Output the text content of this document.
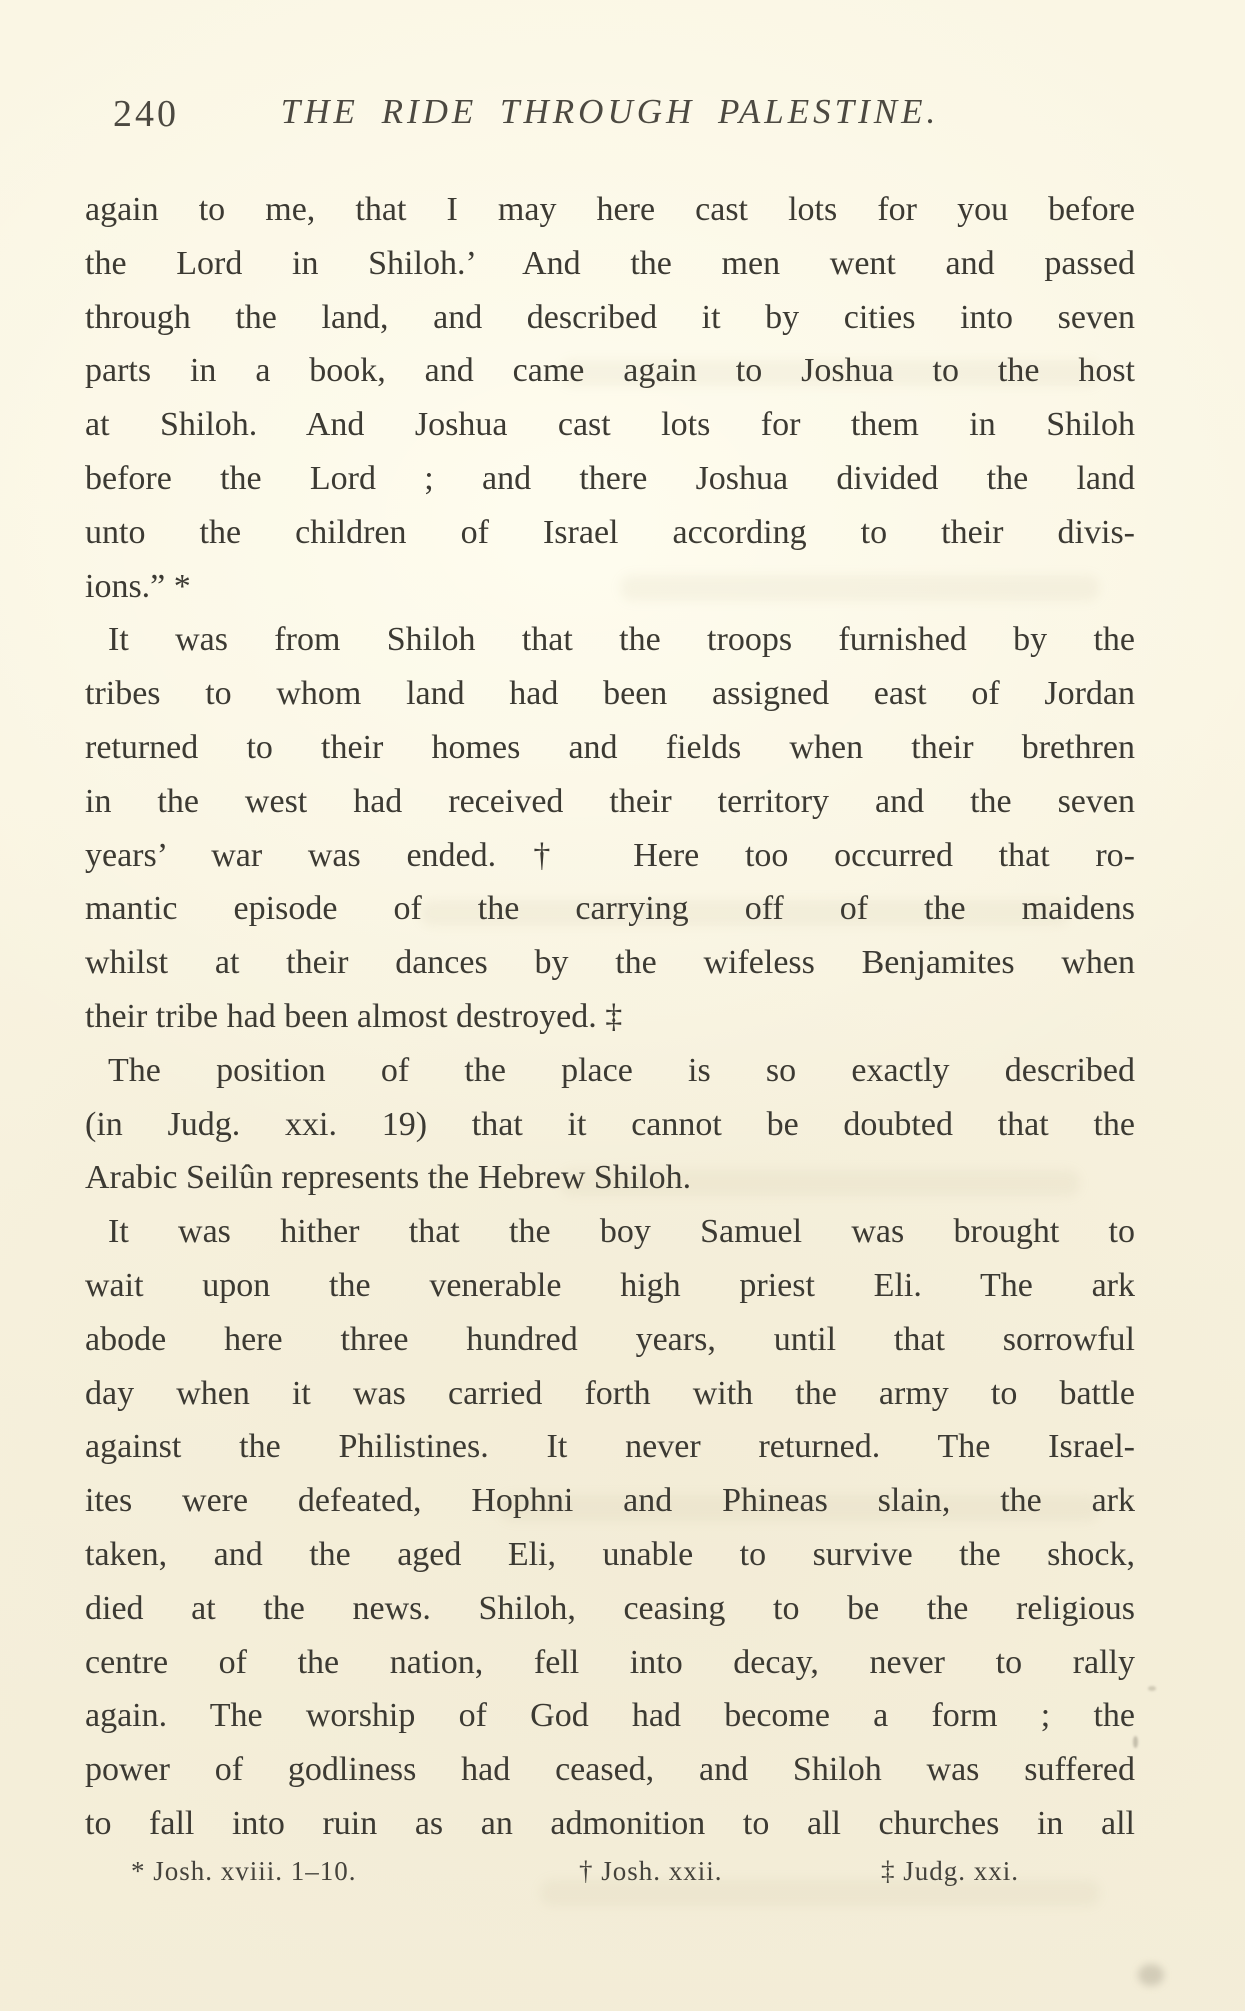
240	THE RIDE THROUGH PALESTINE.
again to me, that I may here cast lots for you before
the Lord in Shiloh.’ And the men went and passed
through the land, and described it by cities into seven
parts in a book, and came again to Joshua to the host
at Shiloh. And Joshua cast lots for them in Shiloh
before the Lord ; and there Joshua divided the land
unto the children of Israel according to their divis-
ions.” *
It was from Shiloh that the troops furnished by the
tribes to whom land had been assigned east of Jordan
returned to their homes and fields when their brethren
in the west had received their territory and the seven
years’ war was ended.† Here too occurred that ro-
mantic episode of the carrying off of the maidens
whilst at their dances by the wifeless Benjamites when
their tribe had been almost destroyed. ‡
The position of the place is so exactly described
(in Judg. xxi. 19) that it cannot be doubted that the
Arabic Seilûn represents the Hebrew Shiloh.
It was hither that the boy Samuel was brought to
wait upon the venerable high priest Eli. The ark
abode here three hundred years, until that sorrowful
day when it was carried forth with the army to battle
against the Philistines. It never returned. The Israel-
ites were defeated, Hophni and Phineas slain, the ark
taken, and the aged Eli, unable to survive the shock,
died at the news. Shiloh, ceasing to be the religious
centre of the nation, fell into decay, never to rally
again. The worship of God had become a form ; the
power of godliness had ceased, and Shiloh was suffered
to fall into ruin as an admonition to all churches in all
* Josh. xviii. 1–10.	† Josh. xxii.	‡ Judg. xxi.
